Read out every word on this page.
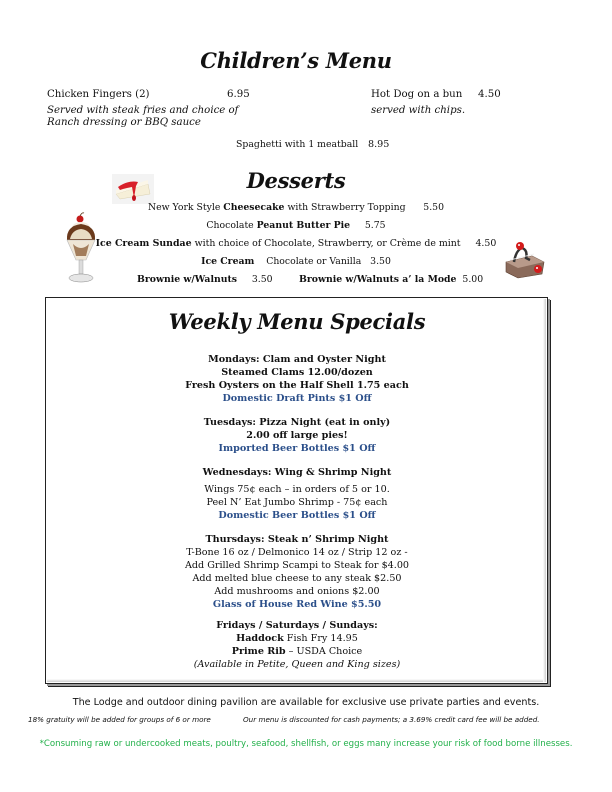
Children’s Menu
Chicken Fingers (2)	6.95
Served with steak fries and choice of
Ranch dressing or BBQ sauce
Hot Dog on a bun 4.50
served with chips.
Spaghetti with 1 meatball 8.95
Desserts
New York Style Cheesecake with Strawberry Topping 5.50
Chocolate Peanut Butter Pie 5.75
Ice Cream Sundae with choice of Chocolate, Strawberry, or Crème de mint 4.50
Ice Cream    Chocolate or Vanilla 3.50
Brownie w/Walnuts 3.50	Brownie w/Walnuts a’ la Mode 5.00
Weekly Menu Specials
Mondays: Clam and Oyster Night
Steamed Clams 12.00/dozen
Fresh Oysters on the Half Shell 1.75 each
Domestic Draft Pints $1 Off
Tuesdays: Pizza Night (eat in only)
2.00 off large pies!
Imported Beer Bottles $1 Off
Wednesdays: Wing & Shrimp Night
Wings 75¢ each – in orders of 5 or 10.
Peel N’ Eat Jumbo Shrimp - 75¢ each
Domestic Beer Bottles $1 Off
Thursdays: Steak n’ Shrimp Night
T-Bone 16 oz / Delmonico 14 oz / Strip 12 oz -
Add Grilled Shrimp Scampi to Steak for $4.00
Add melted blue cheese to any steak $2.50
Add mushrooms and onions $2.00
Glass of House Red Wine $5.50
Fridays / Saturdays / Sundays:
Haddock Fish Fry 14.95
Prime Rib – USDA Choice
(Available in Petite, Queen and King sizes)
The Lodge and outdoor dining pavilion are available for exclusive use private parties and events.
18% gratuity will be added for groups of 6 or more	Our menu is discounted for cash payments; a 3.69% credit card fee will be added.
*Consuming raw or undercooked meats, poultry, seafood, shellfish, or eggs many increase your risk of food borne illnesses.
